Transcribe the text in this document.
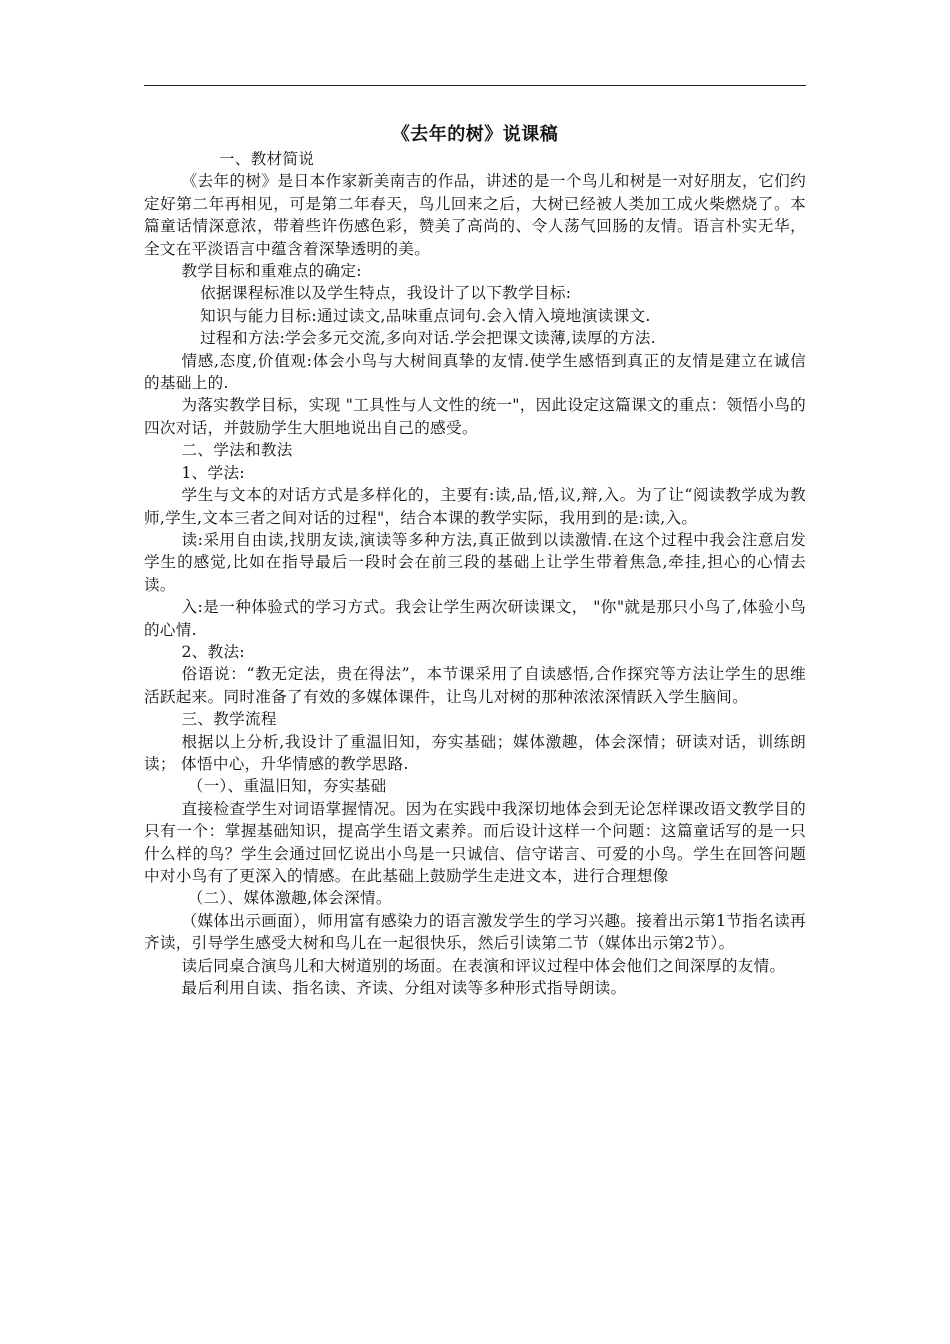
《去年的树》说课稿

一、教材简说

《去年的树》是日本作家新美南吉的作品，讲述的是一个鸟儿和树是一对好朋友，它们约定好第二年再相见，可是第二年春天，鸟儿回来之后，大树已经被人类加工成火柴燃烧了。本篇童话情深意浓，带着些许伤感色彩，赞美了高尚的、令人荡气回肠的友情。语言朴实无华，全文在平淡语言中蕴含着深挚透明的美。

教学目标和重难点的确定:

依据课程标准以及学生特点，我设计了以下教学目标:

知识与能力目标:通过读文,品味重点词句.会入情入境地演读课文.

过程和方法:学会多元交流,多向对话.学会把课文读薄,读厚的方法.

情感,态度,价值观:体会小鸟与大树间真挚的友情.使学生感悟到真正的友情是建立在诚信的基础上的.

为落实教学目标，实现 "工具性与人文性的统一"，因此设定这篇课文的重点：领悟小鸟的四次对话，并鼓励学生大胆地说出自己的感受。

二、学法和教法

1、学法:

学生与文本的对话方式是多样化的，主要有:读,品,悟,议,辩,入。为了让“阅读教学成为教师,学生,文本三者之间对话的过程"，结合本课的教学实际，我用到的是:读,入。

读:采用自由读,找朋友读,演读等多种方法,真正做到以读激情.在这个过程中我会注意启发学生的感觉,比如在指导最后一段时会在前三段的基础上让学生带着焦急,牵挂,担心的心情去读。

入:是一种体验式的学习方式。我会让学生两次研读课文， "你"就是那只小鸟了,体验小鸟的心情.

2、教法:

俗语说：“教无定法，贵在得法”，本节课采用了自读感悟,合作探究等方法让学生的思维活跃起来。同时准备了有效的多媒体课件，让鸟儿对树的那种浓浓深情跃入学生脑间。

三、教学流程

根据以上分析,我设计了重温旧知，夯实基础；媒体激趣，体会深情；研读对话，训练朗读； 体悟中心，升华情感的教学思路.

（一）、重温旧知，夯实基础

直接检查学生对词语掌握情况。因为在实践中我深切地体会到无论怎样课改语文教学目的只有一个：掌握基础知识，提高学生语文素养。而后设计这样一个问题：这篇童话写的是一只什么样的鸟？学生会通过回忆说出小鸟是一只诚信、信守诺言、可爱的小鸟。学生在回答问题中对小鸟有了更深入的情感。在此基础上鼓励学生走进文本，进行合理想像

（二）、媒体激趣,体会深情。

（媒体出示画面），师用富有感染力的语言激发学生的学习兴趣。接着出示第1节指名读再齐读，引导学生感受大树和鸟儿在一起很快乐，然后引读第二节（媒体出示第2节）。

读后同桌合演鸟儿和大树道别的场面。在表演和评议过程中体会他们之间深厚的友情。

最后利用自读、指名读、齐读、分组对读等多种形式指导朗读。
